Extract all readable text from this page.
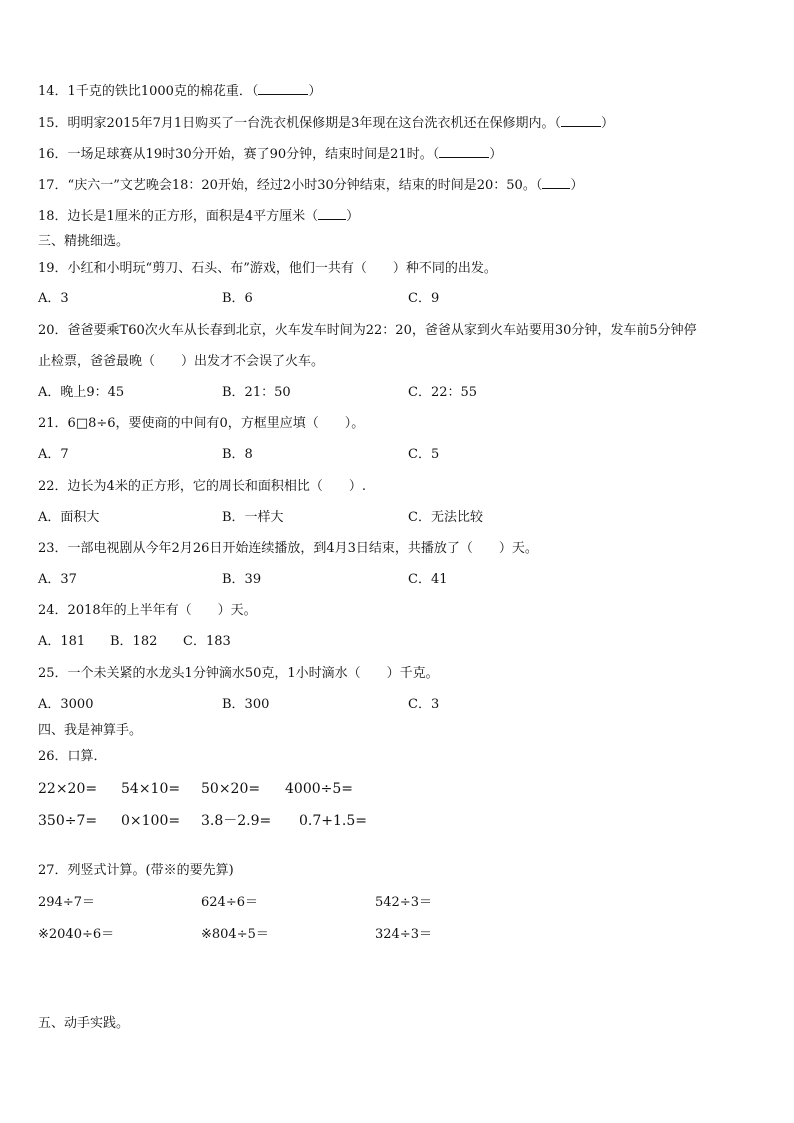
14．1千克的铁比1000克的棉花重．（	）
15．明明家2015年7月1日购买了一台洗衣机保修期是3年现在这台洗衣机还在保修期内。（	）
16．一场足球赛从19时30分开始，赛了90分钟，结束时间是21时。（	）
17．“庆六一”文艺晚会18：20开始，经过2小时30分钟结束，结束的时间是20：50。（ ）
18．边长是1厘米的正方形，面积是4平方厘米（ ）
三、精挑细选。
19．小红和小明玩“剪刀、石头、布”游戏，他们一共有（　　）种不同的出发。
A．3	B．6	C．9
20．爸爸要乘T60次火车从长春到北京，火车发车时间为22：20，爸爸从家到火车站要用30分钟，发车前5分钟停
止检票，爸爸最晚（　　）出发才不会误了火车。
A．晚上9：45	B．21：50	C．22：55
21．6□8÷6，要使商的中间有0，方框里应填（　　）。
A．7	B．8	C．5
22．边长为4米的正方形，它的周长和面积相比（　　）.
A．面积大	B．一样大	C．无法比较
23．一部电视剧从今年2月26日开始连续播放，到4月3日结束，共播放了（　　）天。
A．37	B．39	C．41
24．2018年的上半年有（　　）天。
A．181 B．182 C．183
25．一个未关紧的水龙头1分钟滴水50克，1小时滴水（　　）千克。
A．3000	B．300	C．3
四、我是神算手。
26．口算．
22×20= 54×10= 50×20= 4000÷5=
350÷7= 0×100= 3.8－2.9= 0.7+1.5=
27．列竖式计算。(带※的要先算)
294÷7＝	624÷6＝	542÷3＝
※2040÷6＝	※804÷5＝	324÷3＝
五、动手实践。
